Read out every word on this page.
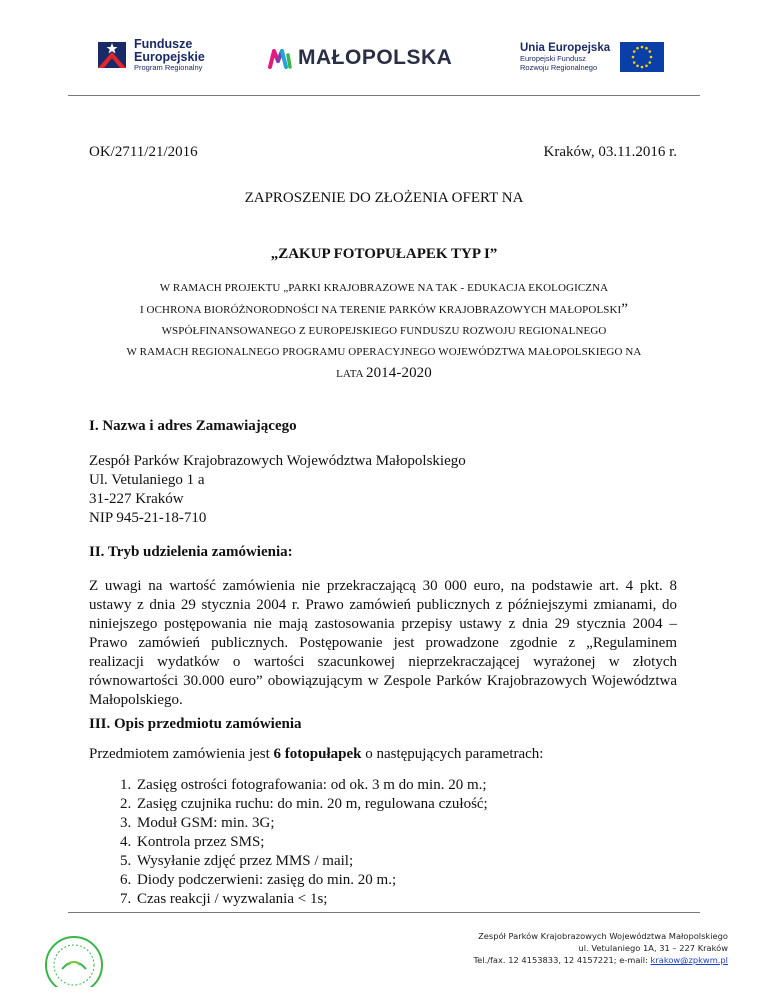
Fundusze
Europejskie
Program Regionalny	MAŁOPOLSKA	Unia Europejska
Europejski Fundusz
Rozwoju Regionalnego
OK/2711/21/2016	Kraków, 03.11.2016 r.

ZAPROSZENIE DO ZŁOŻENIA OFERT NA

„ZAKUP FOTOPUŁAPEK TYP I”

W RAMACH PROJEKTU „PARKI KRAJOBRAZOWE NA TAK - EDUKACJA EKOLOGICZNA
I OCHRONA BIORÓŻNORODNOŚCI NA TERENIE PARKÓW KRAJOBRAZOWYCH MAŁOPOLSKI”
WSPÓŁFINANSOWANEGO Z EUROPEJSKIEGO FUNDUSZU ROZWOJU REGIONALNEGO
W RAMACH REGIONALNEGO PROGRAMU OPERACYJNEGO WOJEWÓDZTWA MAŁOPOLSKIEGO NA
LATA 2014-2020

I. Nazwa i adres Zamawiającego

Zespół Parków Krajobrazowych Województwa Małopolskiego
Ul. Vetulaniego 1 a
31-227 Kraków
NIP 945-21-18-710

II. Tryb udzielenia zamówienia:

Z uwagi na wartość zamówienia nie przekraczającą 30 000 euro, na podstawie art. 4 pkt. 8 ustawy z dnia 29 stycznia 2004 r. Prawo zamówień publicznych z późniejszymi zmianami, do niniejszego postępowania nie mają zastosowania przepisy ustawy z dnia 29 stycznia 2004 – Prawo zamówień publicznych. Postępowanie jest prowadzone zgodnie z „Regulaminem realizacji wydatków o wartości szacunkowej nieprzekraczającej wyrażonej w złotych równowartości 30.000 euro” obowiązującym w Zespole Parków Krajobrazowych Województwa Małopolskiego.

III. Opis przedmiotu zamówienia

Przedmiotem zamówienia jest 6 fotopułapek o następujących parametrach:

1. Zasięg ostrości fotografowania: od ok. 3 m do min. 20 m.;
2. Zasięg czujnika ruchu: do min. 20 m, regulowana czułość;
3. Moduł GSM: min. 3G;
4. Kontrola przez SMS;
5. Wysyłanie zdjęć przez MMS / mail;
6. Diody podczerwieni: zasięg do min. 20 m.;
7. Czas reakcji / wyzwalania < 1s;
Zespół Parków Krajobrazowych Województwa Małopolskiego
ul. Vetulaniego 1A, 31 – 227 Kraków
Tel./fax. 12 4153833, 12 4157221; e-mail: krakow@zpkwm.pl
